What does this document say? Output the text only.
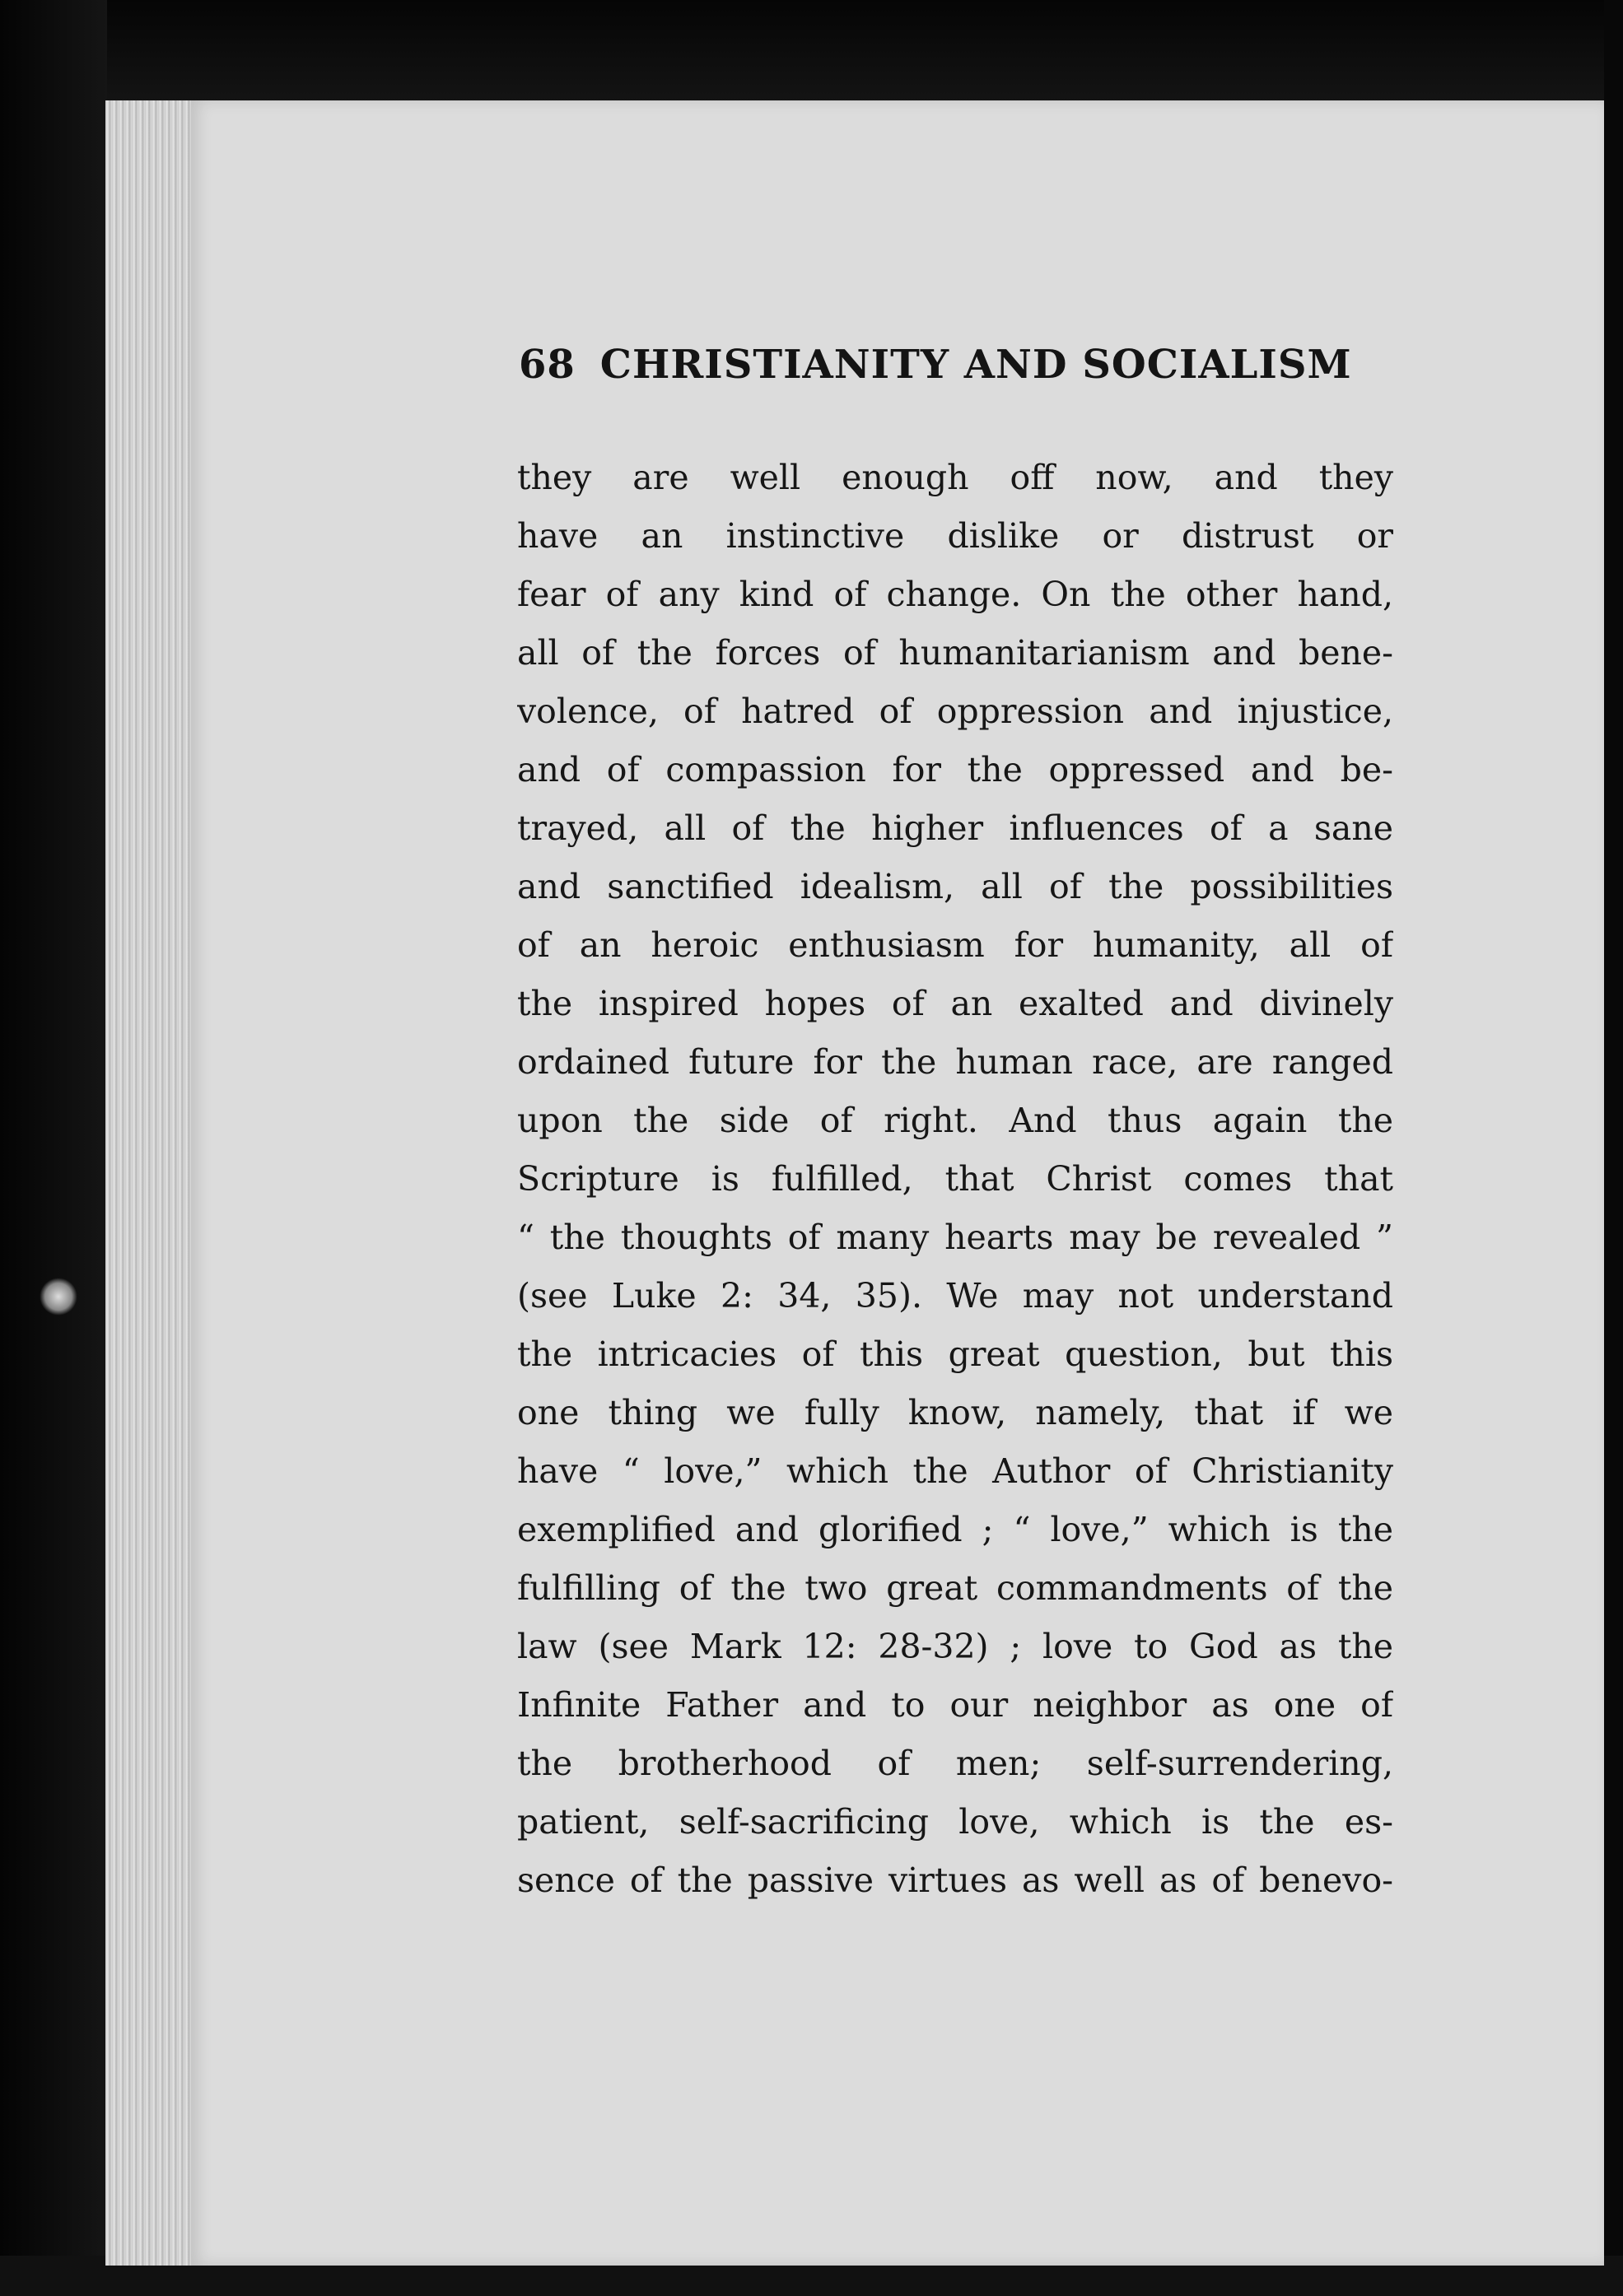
68 CHRISTIANITY AND SOCIALISM
they are well enough off now, and they
have an instinctive dislike or distrust or
fear of any kind of change. On the other hand,
all of the forces of humanitarianism and bene-
volence, of hatred of oppression and injustice,
and of compassion for the oppressed and be-
trayed, all of the higher influences of a sane
and sanctified idealism, all of the possibilities
of an heroic enthusiasm for humanity, all of
the inspired hopes of an exalted and divinely
ordained future for the human race, are ranged
upon the side of right. And thus again the
Scripture is fulfilled, that Christ comes that
“ the thoughts of many hearts may be revealed ”
(see Luke 2: 34, 35). We may not understand
the intricacies of this great question, but this
one thing we fully know, namely, that if we
have “ love,” which the Author of Christianity
exemplified and glorified ; “ love,” which is the
fulfilling of the two great commandments of the
law (see Mark 12: 28-32) ; love to God as the
Infinite Father and to our neighbor as one of
the brotherhood of men; self-surrendering,
patient, self-sacrificing love, which is the es-
sence of the passive virtues as well as of benevo-
